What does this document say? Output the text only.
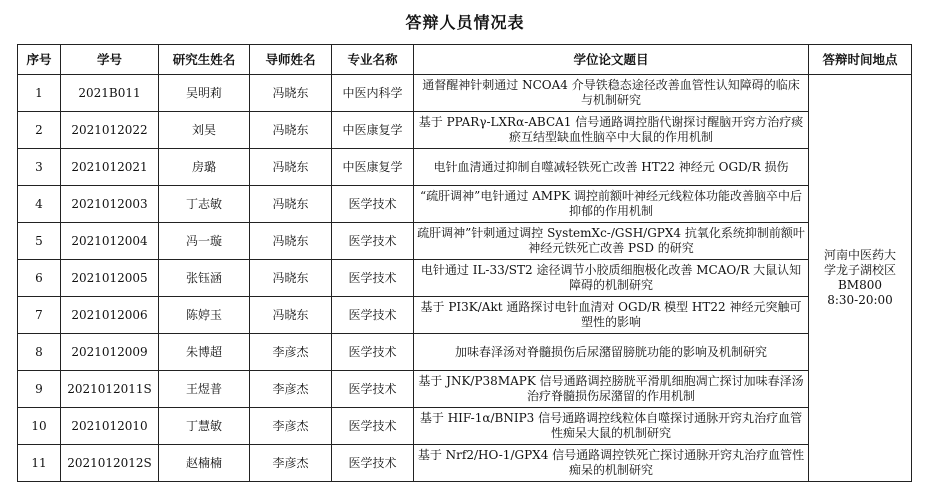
答辩人员情况表
序号	学号	研究生姓名	导师姓名	专业名称	学位论文题目	答辩时间地点
1	2021B011	吴明莉	冯晓东	中医内科学	通督醒神针刺通过 NCOA4 介导铁稳态途径改善血管性认知障碍的临床与机制研究	河南中医药大
学龙子湖校区
BM800
8:30-20:00
2	2021012022	刘昊	冯晓东	中医康复学	基于 PPARγ-LXRα-ABCA1 信号通路调控脂代谢探讨醒脑开窍方治疗痰瘀互结型缺血性脑卒中大鼠的作用机制	
3	2021012021	房璐	冯晓东	中医康复学	电针血清通过抑制自噬减轻铁死亡改善 HT22 神经元 OGD/R 损伤	
4	2021012003	丁志敏	冯晓东	医学技术	“疏肝调神”电针通过 AMPK 调控前额叶神经元线粒体功能改善脑卒中后抑郁的作用机制	
5	2021012004	冯一璇	冯晓东	医学技术	疏肝调神”针刺通过调控 SystemXc-/GSH/GPX4 抗氧化系统抑制前额叶神经元铁死亡改善 PSD 的研究	
6	2021012005	张钰涵	冯晓东	医学技术	电针通过 IL-33/ST2 途径调节小胶质细胞极化改善 MCAO/R 大鼠认知障碍的机制研究	
7	2021012006	陈婷玉	冯晓东	医学技术	基于 PI3K/Akt 通路探讨电针血清对 OGD/R 模型 HT22 神经元突触可塑性的影响	
8	2021012009	朱博超	李彦杰	医学技术	加味春泽汤对脊髓损伤后尿潴留膀胱功能的影响及机制研究	
9	2021012011S	王煜普	李彦杰	医学技术	基于 JNK/P38MAPK 信号通路调控膀胱平滑肌细胞凋亡探讨加味春泽汤治疗脊髓损伤尿潴留的作用机制	
10	2021012010	丁慧敏	李彦杰	医学技术	基于 HIF-1α/BNIP3 信号通路调控线粒体自噬探讨通脉开窍丸治疗血管性痴呆大鼠的机制研究	
11	2021012012S	赵楠楠	李彦杰	医学技术	基于 Nrf2/HO-1/GPX4 信号通路调控铁死亡探讨通脉开窍丸治疗血管性痴呆的机制研究	
